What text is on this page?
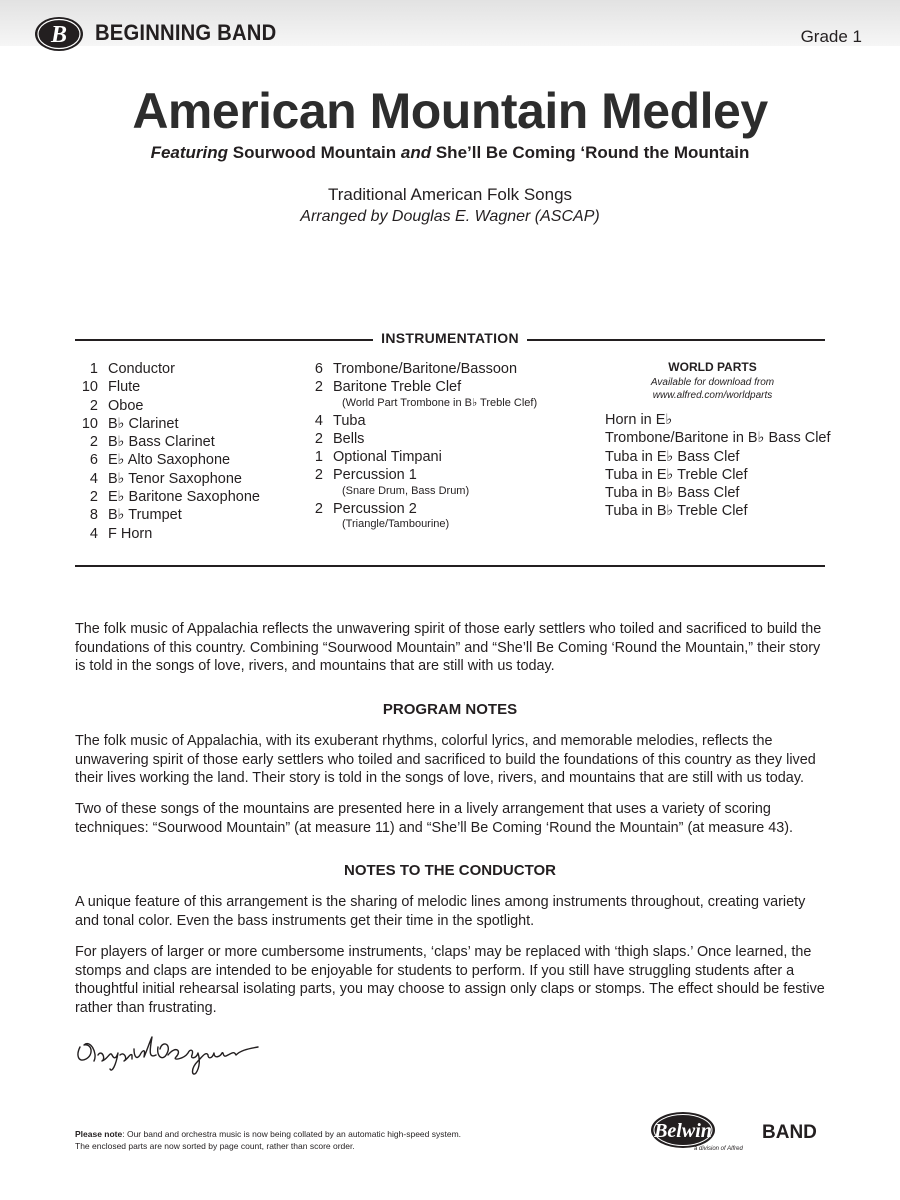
B BEGINNING BAND	Grade 1
American Mountain Medley
Featuring Sourwood Mountain and She’ll Be Coming ‘Round the Mountain
Traditional American Folk Songs
Arranged by Douglas E. Wagner (ASCAP)
INSTRUMENTATION
1 Conductor
10 Flute
2 Oboe
10 B♭ Clarinet
2 B♭ Bass Clarinet
6 E♭ Alto Saxophone
4 B♭ Tenor Saxophone
2 E♭ Baritone Saxophone
8 B♭ Trumpet
4 F Horn
6 Trombone/Baritone/Bassoon
2 Baritone Treble Clef
(World Part Trombone in B♭ Treble Clef)
4 Tuba
2 Bells
1 Optional Timpani
2 Percussion 1
(Snare Drum, Bass Drum)
2 Percussion 2
(Triangle/Tambourine)
WORLD PARTS
Available for download from
www.alfred.com/worldparts
Horn in E♭
Trombone/Baritone in B♭ Bass Clef
Tuba in E♭ Bass Clef
Tuba in E♭ Treble Clef
Tuba in B♭ Bass Clef
Tuba in B♭ Treble Clef
The folk music of Appalachia reflects the unwavering spirit of those early settlers who toiled and sacrificed to build the foundations of this country. Combining “Sourwood Mountain” and “She’ll Be Coming ‘Round the Mountain,” their story is told in the songs of love, rivers, and mountains that are still with us today.
PROGRAM NOTES
The folk music of Appalachia, with its exuberant rhythms, colorful lyrics, and memorable melodies, reflects the unwavering spirit of those early settlers who toiled and sacrificed to build the foundations of this country as they lived their lives working the land. Their story is told in the songs of love, rivers, and mountains that are still with us today.
Two of these songs of the mountains are presented here in a lively arrangement that uses a variety of scoring techniques: “Sourwood Mountain” (at measure 11) and “She’ll Be Coming ‘Round the Mountain” (at measure 43).
NOTES TO THE CONDUCTOR
A unique feature of this arrangement is the sharing of melodic lines among instruments throughout, creating variety and tonal color. Even the bass instruments get their time in the spotlight.
For players of larger or more cumbersome instruments, ‘claps’ may be replaced with ‘thigh slaps.’ Once learned, the stomps and claps are intended to be enjoyable for students to perform. If you still have struggling students after a thoughtful initial rehearsal isolating parts, you may choose to assign only claps or stomps. The effect should be festive rather than frustrating.
Please note: Our band and orchestra music is now being collated by an automatic high-speed system.
The enclosed parts are now sorted by page count, rather than score order.
Belwin	BAND
a division of Alfred
